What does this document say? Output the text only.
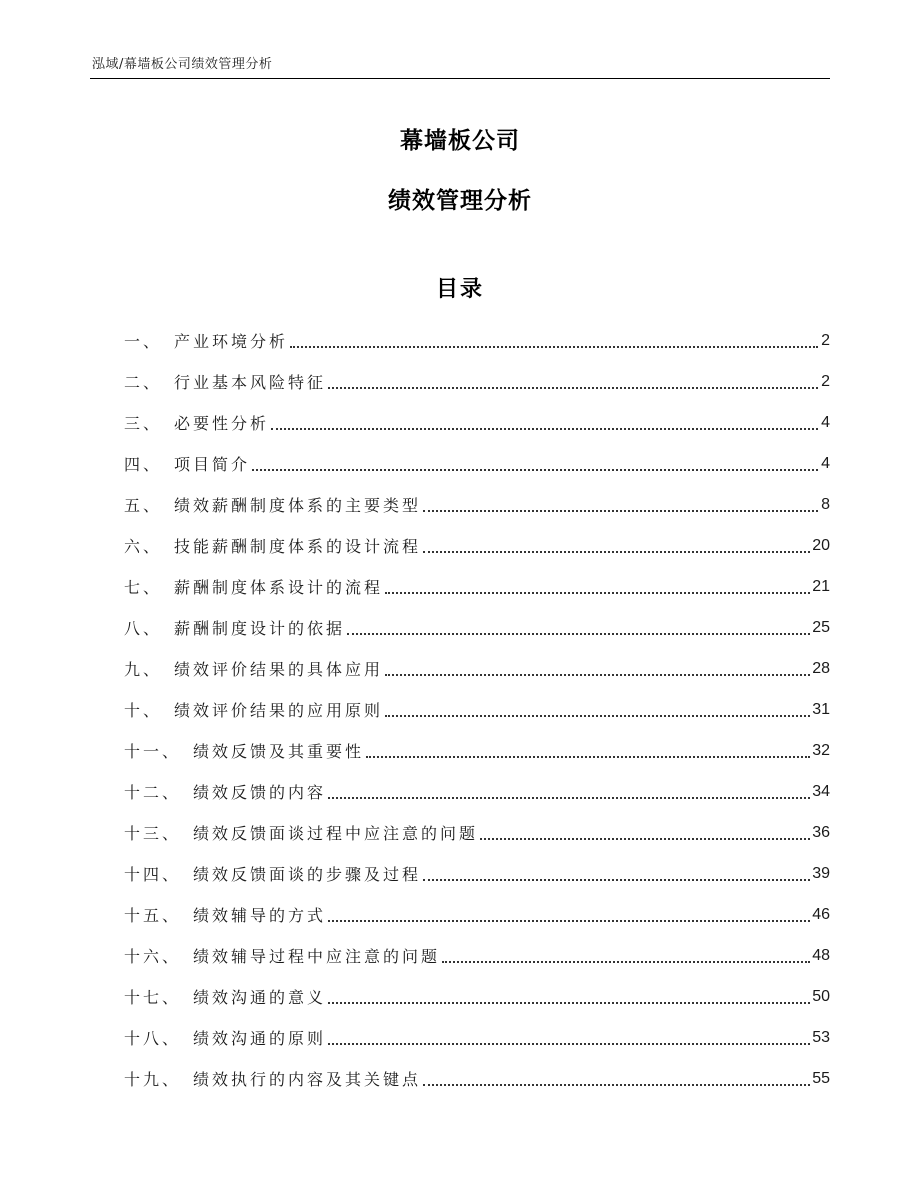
泓域/幕墙板公司绩效管理分析
幕墙板公司
绩效管理分析
目录
一、 产业环境分析	2
二、 行业基本风险特征	2
三、 必要性分析	4
四、 项目简介	4
五、 绩效薪酬制度体系的主要类型	8
六、 技能薪酬制度体系的设计流程	20
七、 薪酬制度体系设计的流程	21
八、 薪酬制度设计的依据	25
九、 绩效评价结果的具体应用	28
十、 绩效评价结果的应用原则	31
十一、 绩效反馈及其重要性	32
十二、 绩效反馈的内容	34
十三、 绩效反馈面谈过程中应注意的问题	36
十四、 绩效反馈面谈的步骤及过程	39
十五、 绩效辅导的方式	46
十六、 绩效辅导过程中应注意的问题	48
十七、 绩效沟通的意义	50
十八、 绩效沟通的原则	53
十九、 绩效执行的内容及其关键点	55
